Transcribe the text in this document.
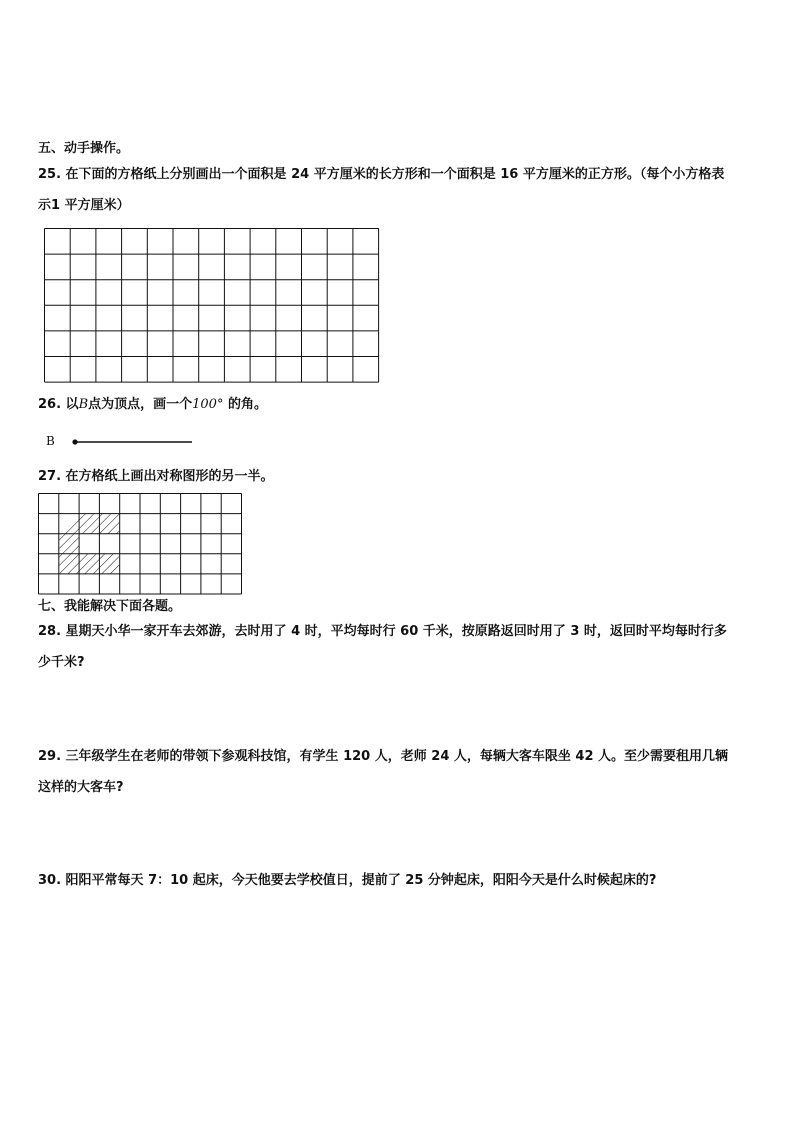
五、动手操作。
25. 在下面的方格纸上分别画出一个面积是 24 平方厘米的长方形和一个面积是 16 平方厘米的正方形。（每个小方格表
示1 平方厘米）
26. 以B点为顶点，画一个100° 的角。
B
27. 在方格纸上画出对称图形的另一半。
七、我能解决下面各题。
28. 星期天小华一家开车去郊游，去时用了 4 时，平均每时行 60 千米，按原路返回时用了 3 时，返回时平均每时行多
少千米?
29. 三年级学生在老师的带领下参观科技馆，有学生 120 人，老师 24 人，每辆大客车限坐 42 人。至少需要租用几辆
这样的大客车?
30. 阳阳平常每天 7：10 起床，今天他要去学校值日，提前了 25 分钟起床，阳阳今天是什么时候起床的?
